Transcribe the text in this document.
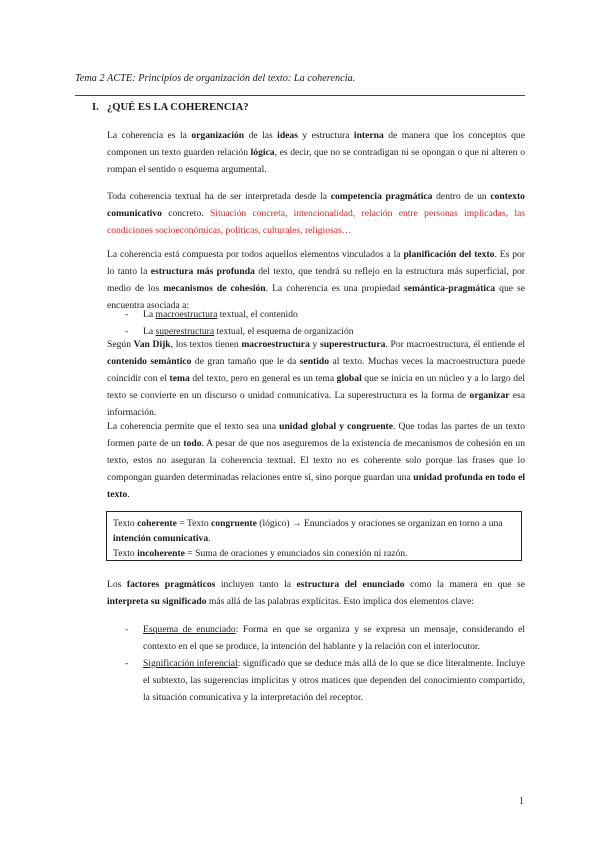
Tema 2 ACTE: Principios de organización del texto: La coherencia.
I. ¿QUÉ ES LA COHERENCIA?

La coherencia es la organización de las ideas y estructura interna de manera que los conceptos que componen un texto guarden relación lógica, es decir, que no se contradigan ni se opongan o que ni alteren o rompan el sentido o esquema argumental.

Toda coherencia textual ha de ser interpretada desde la competencia pragmática dentro de un contexto comunicativo concreto. Situación concreta, intencionalidad, relación entre personas implicadas, las condiciones socioeconómicas, políticas, culturales, religiosas…

La coherencia está compuesta por todos aquellos elementos vinculados a la planificación del texto. Es por lo tanto la estructura más profunda del texto, que tendrá su reflejo en la estructura más superficial, por medio de los mecanismos de cohesión. La coherencia es una propiedad semántica-pragmática que se encuentra asociada a:

- La macroestructura textual, el contenido
- La superestructura textual, el esquema de organización

Según Van Dijk, los textos tienen macroestructura y superestructura. Por macroestructura, él entiende el contenido semántico de gran tamaño que le da sentido al texto. Muchas veces la macroestructura puede coincidir con el tema del texto, pero en general es un tema global que se inicia en un núcleo y a lo largo del texto se convierte en un discurso o unidad comunicativa. La superestructura es la forma de organizar esa información.

La coherencia permite que el texto sea una unidad global y congruente. Que todas las partes de un texto formen parte de un todo. A pesar de que nos aseguremos de la existencia de mecanismos de cohesión en un texto, estos no aseguran la coherencia textual. El texto no es coherente solo porque las frases que lo compongan guarden determinadas relaciones entre sí, sino porque guardan una unidad profunda en todo el texto.

Texto coherente = Texto congruente (lógico) → Enunciados y oraciones se organizan en torno a una intención comunicativa.
Texto incoherente = Suma de oraciones y enunciados sin conexión ni razón.

Los factores pragmáticos incluyen tanto la estructura del enunciado como la manera en que se interpreta su significado más allá de las palabras explícitas. Esto implica dos elementos clave:

- Esquema de enunciado: Forma en que se organiza y se expresa un mensaje, considerando el contexto en el que se produce, la intención del hablante y la relación con el interlocutor.
- Significación inferencial: significado que se deduce más allá de lo que se dice literalmente. Incluye el subtexto, las sugerencias implícitas y otros matices que dependen del conocimiento compartido, la situación comunicativa y la interpretación del receptor.
1
